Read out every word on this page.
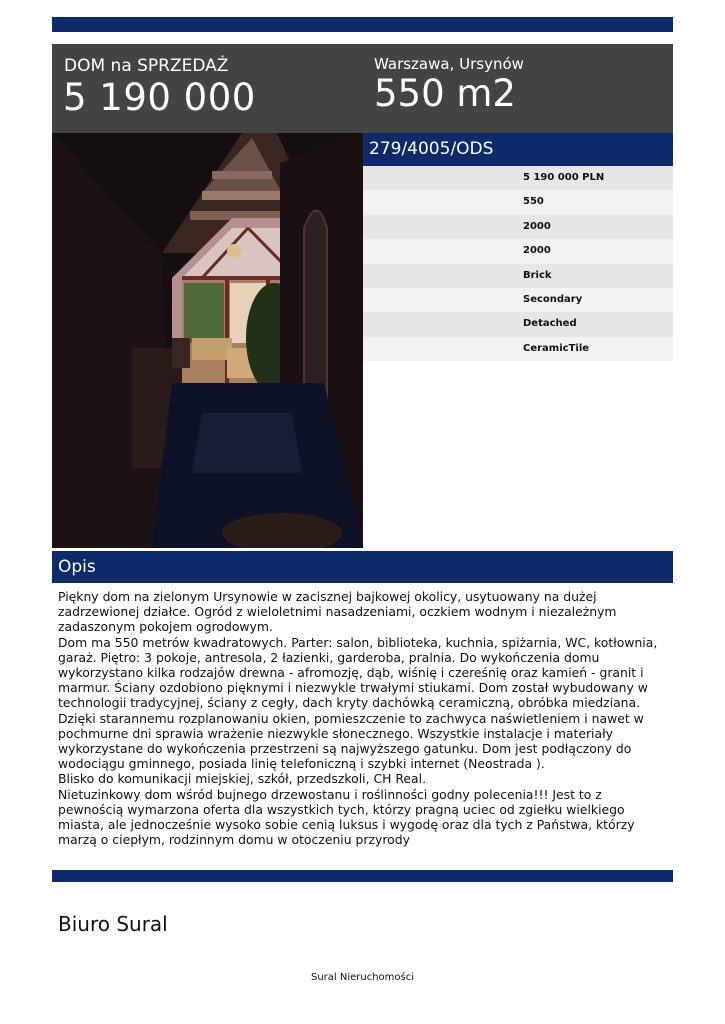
DOM na SPRZEDAŻ
5 190 000
Warszawa, Ursynów
550 m2
279/4005/ODS
5 190 000 PLN
550
2000
2000
Brick
Secondary
Detached
CeramicTile
Opis

Piękny dom na zielonym Ursynowie w zacisznej bajkowej okolicy, usytuowany na dużej zadrzewionej działce. Ogród z wieloletnimi nasadzeniami, oczkiem wodnym i niezależnym zadaszonym pokojem ogrodowym.

Dom ma 550 metrów kwadratowych. Parter: salon, biblioteka, kuchnia, spiżarnia, WC, kotłownia, garaż. Piętro: 3 pokoje, antresola, 2 łazienki, garderoba, pralnia. Do wykończenia domu wykorzystano kilka rodzajów drewna - afromozję, dąb, wiśnię i czereśnię oraz kamień - granit i marmur. Ściany ozdobiono pięknymi i niezwykle trwałymi stiukami. Dom został wybudowany w technologii tradycyjnej, ściany z cegły, dach kryty dachówką ceramiczną, obróbka miedziana. Dzięki starannemu rozplanowaniu okien, pomieszczenie to zachwyca naświetleniem i nawet w pochmurne dni sprawia wrażenie niezwykle słonecznego. Wszystkie instalacje i materiały wykorzystane do wykończenia przestrzeni są najwyższego gatunku. Dom jest podłączony do wodociągu gminnego, posiada linię telefoniczną i szybki internet (Neostrada ).

Blisko do komunikacji miejskiej, szkół, przedszkoli, CH Real.

Nietuzinkowy dom wśród bujnego drzewostanu i roślinności godny polecenia!!! Jest to z pewnością wymarzona oferta dla wszystkich tych, którzy pragną uciec od zgiełku wielkiego miasta, ale jednocześnie wysoko sobie cenią luksus i wygodę oraz dla tych z Państwa, którzy marzą o ciepłym, rodzinnym domu w otoczeniu przyrody

Biuro Sural
Sural Nieruchomości
